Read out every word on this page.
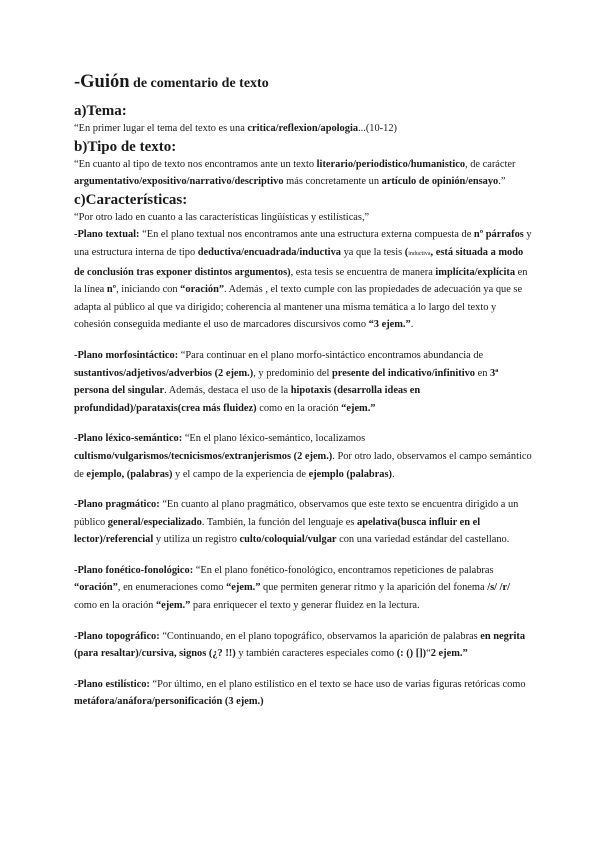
-Guión de comentario de texto
a)Tema:
“En primer lugar el tema del texto es una critica/reflexion/apologia...(10-12)
b)Tipo de texto:
“En cuanto al tipo de texto nos encontramos ante un texto literario/periodistico/humanistico, de carácter argumentativo/expositivo/narrativo/descriptivo más concretamente un artículo de opinión/ensayo.”
c)Características:
“Por otro lado en cuanto a las características lingüísticas y estilísticas,”
-Plano textual: “En el plano textual nos encontramos ante una estructura externa compuesta de nº párrafos y una estructura interna de tipo deductiva/encuadrada/inductiva ya que la tesis (inductiva, está situada a modo de conclusión tras exponer distintos argumentos), esta tesis se encuentra de manera implícita/explícita en la línea nº, iniciando con “oración”. Además , el texto cumple con las propiedades de adecuación ya que se adapta al público al que va dirigido; coherencia al mantener una misma temática a lo largo del texto y cohesión conseguida mediante el uso de marcadores discursivos como “3 ejem.”.
-Plano morfosintáctico: “Para continuar en el plano morfo-sintáctico encontramos abundancia de sustantivos/adjetivos/adverbios (2 ejem.), y predominio del presente del indicativo/infinitivo en 3ª persona del singular. Además, destaca el uso de la hipotaxis (desarrolla ideas en profundidad)/parataxis(crea más fluidez) como en la oración “ejem.”
-Plano léxico-semántico: “En el plano léxico-semántico, localizamos cultismo/vulgarismos/tecnicismos/extranjerismos (2 ejem.). Por otro lado, observamos el campo semántico de ejemplo, (palabras) y el campo de la experiencia de ejemplo (palabras).
-Plano pragmático: “En cuanto al plano pragmático, observamos que este texto se encuentra dirigido a un público general/especializado. También, la función del lenguaje es apelativa(busca influir en el lector)/referencial y utiliza un registro culto/coloquial/vulgar con una variedad estándar del castellano.
-Plano fonético-fonológico: “En el plano fonético-fonológico, encontramos repeticiones de palabras “oración”, en enumeraciones como “ejem.” que permiten generar ritmo y la aparición del fonema /s/ /r/ como en la oración “ejem.” para enriquecer el texto y generar fluidez en la lectura.
-Plano topográfico: “Continuando, en el plano topográfico, observamos la aparición de palabras en negrita (para resaltar)/cursiva, signos (¿? !!) y también caracteres especiales como (: () [])“2 ejem.”
-Plano estilístico: “Por último, en el plano estilístico en el texto se hace uso de varias figuras retóricas como metáfora/anáfora/personificación (3 ejem.)
